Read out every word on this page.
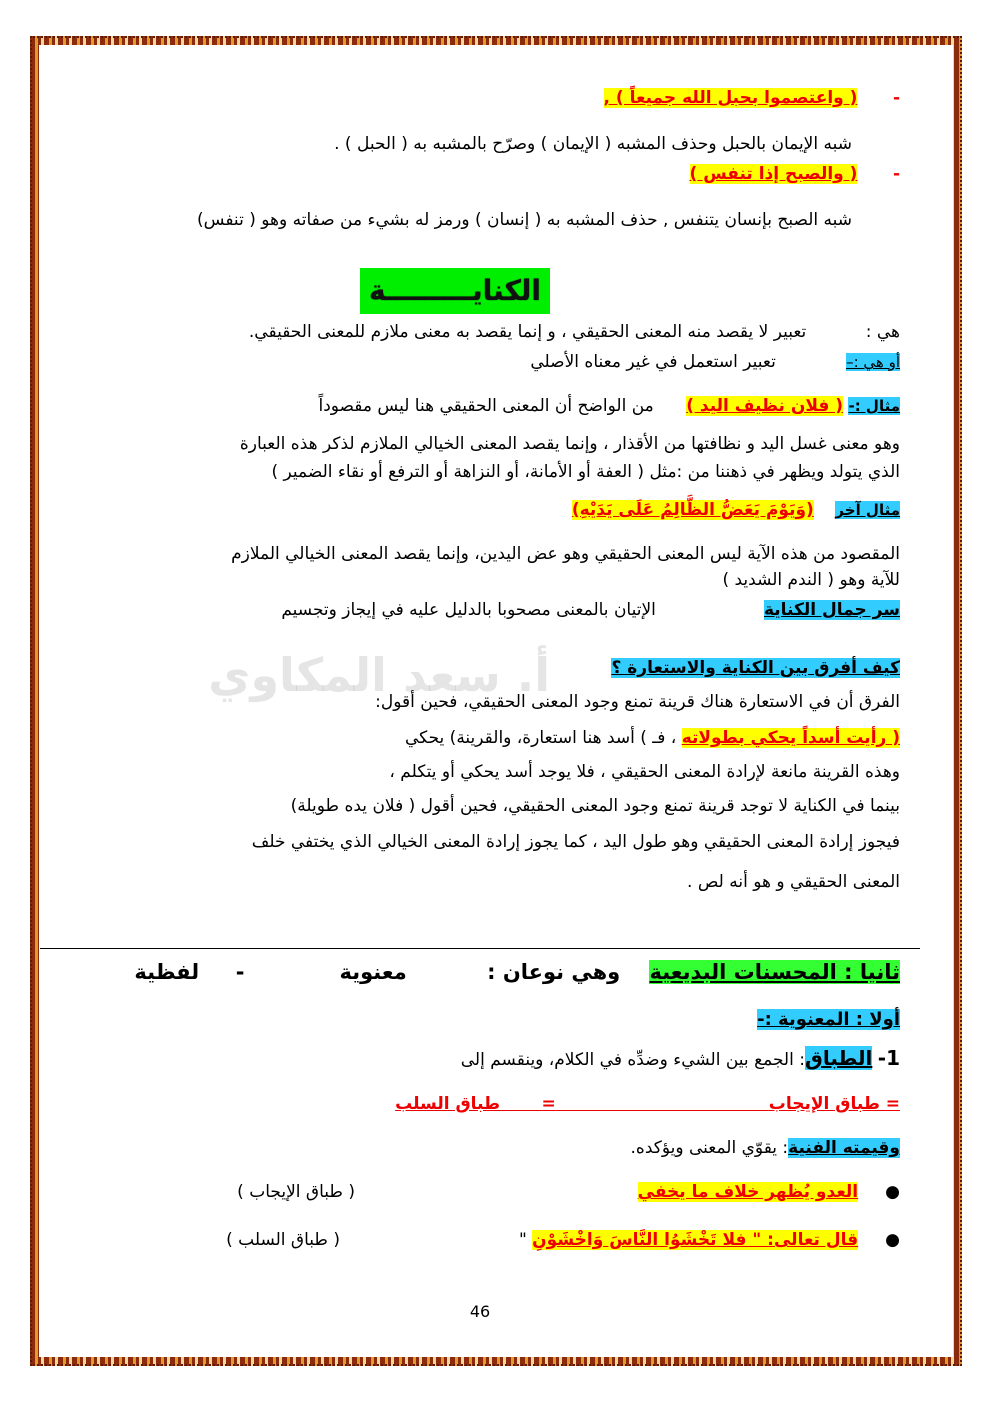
-      ( واعتصموا بحبل الله جميعاً ) ,
شبه الإيمان بالحبل وحذف المشبه ( الإيمان ) وصرّح بالمشبه به ( الحبل ) .
-      ( والصبح إذا تنفس )
شبه الصبح بإنسان يتنفس , حذف المشبه به ( إنسان ) ورمز له بشيء من صفاته وهو ( تنفس)
الكنايـــــــــة
هي :           تعبير لا يقصد منه المعنى الحقيقي ، و إنما يقصد به معنى ملازم للمعنى الحقيقي.
أو هي :–             تعبير استعمل في غير معناه الأصلي
مثال :- ( فلان نظيف اليد )      من الواضح أن المعنى الحقيقي هنا ليس مقصوداً
وهو معنى غسل اليد و نظافتها من الأقذار ، وإنما يقصد المعنى الخيالي الملازم لذكر هذه العبارة
الذي يتولد ويظهر في ذهننا من :مثل ( العفة أو الأمانة، أو النزاهة أو الترفع أو نقاء الضمير )
مثال آخر    (وَيَوْمَ يَعَضُّ الظَّالِمُ عَلَى يَدَيْهِ)
المقصود من هذه الآية ليس المعنى الحقيقي وهو عض اليدين، وإنما يقصد المعنى الخيالي الملازم
للآية وهو ( الندم الشديد )
سر جمال الكناية                    الإتيان بالمعنى مصحوبا بالدليل عليه في إيجاز وتجسيم
أ. سعد المكاوي	كيف أفرق بين الكناية والاستعارة ؟
الفرق أن في الاستعارة هناك قرينة تمنع وجود المعنى الحقيقي، فحين أقول:
( رأيت أسداً يحكي بطولاته ، فـ ) أسد هنا استعارة، والقرينة) يحكي
وهذه القرينة مانعة لإرادة المعنى الحقيقي ، فلا يوجد أسد يحكي أو يتكلم ،
بينما في الكناية لا توجد قرينة تمنع وجود المعنى الحقيقي، فحين أقول ( فلان يده طويلة)
فيجوز إرادة المعنى الحقيقي وهو طول اليد ، كما يجوز إرادة المعنى الخيالي الذي يختفي خلف
المعنى الحقيقي و هو أنه لص .
ثانيا : المحسنات البديعية    وهي نوعان :           معنوية             -     لفظية
أولا : المعنوية :-
1- الطباق: الجمع بين الشيء وضدِّه في الكلام، وينقسم إلى
= طباق الإيجاب                                    =       طباق السلب
وقيمته الفنية: يقوّي المعنى ويؤكده.
●     العدو يُظهر خلاف ما يخفي
( طباق الإيجاب )
●     قال تعالى: " فلا تَخْشَوُا النَّاسَ وَاخْشَوْنِ "
( طباق السلب )
46
